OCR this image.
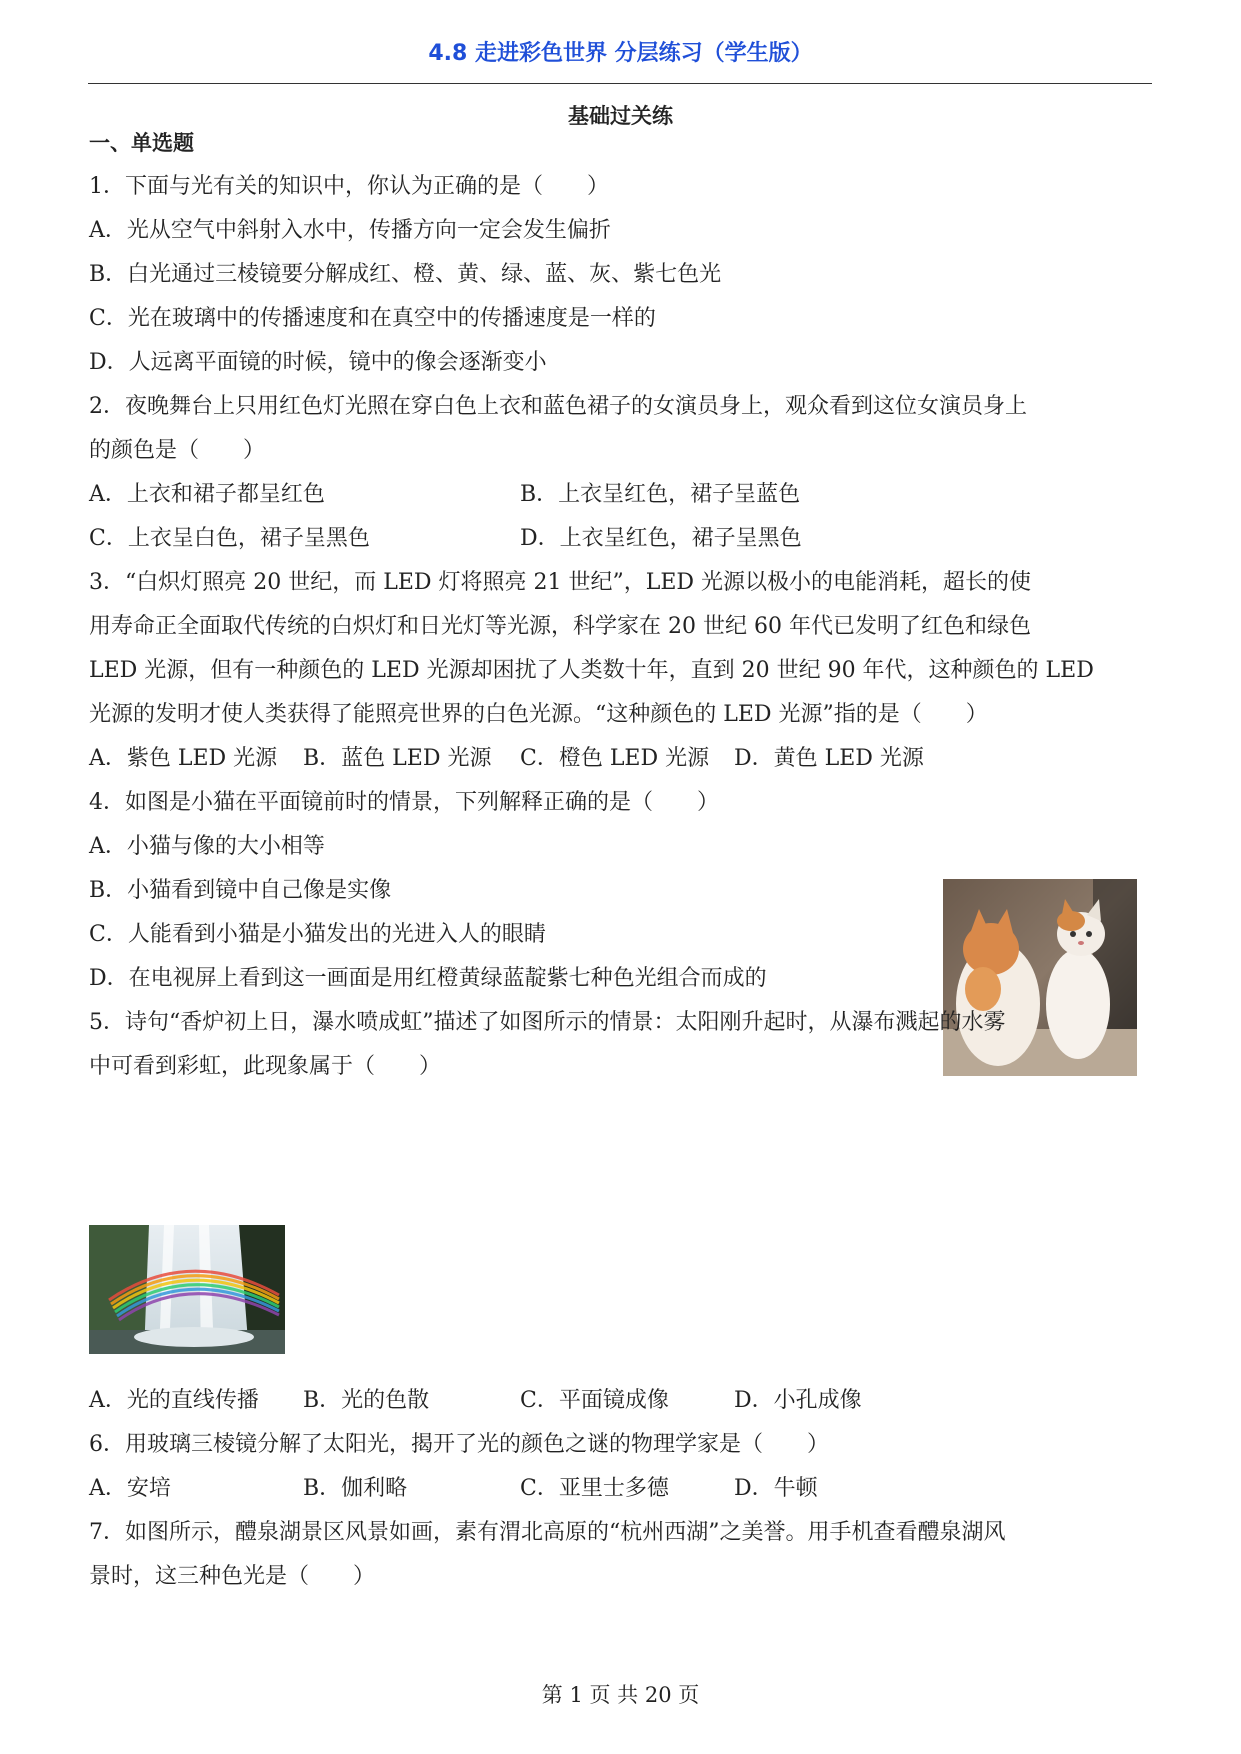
4.8 走进彩色世界 分层练习（学生版）
基础过关练
一、单选题
1．下面与光有关的知识中，你认为正确的是（　　）
A．光从空气中斜射入水中，传播方向一定会发生偏折
B．白光通过三棱镜要分解成红、橙、黄、绿、蓝、灰、紫七色光
C．光在玻璃中的传播速度和在真空中的传播速度是一样的
D．人远离平面镜的时候，镜中的像会逐渐变小
2．夜晚舞台上只用红色灯光照在穿白色上衣和蓝色裙子的女演员身上，观众看到这位女演员身上
的颜色是（　　）
A．上衣和裙子都呈红色	B．上衣呈红色，裙子呈蓝色
C．上衣呈白色，裙子呈黑色	D．上衣呈红色，裙子呈黑色
3．“白炽灯照亮 20 世纪，而 LED 灯将照亮 21 世纪”，LED 光源以极小的电能消耗，超长的使
用寿命正全面取代传统的白炽灯和日光灯等光源，科学家在 20 世纪 60 年代已发明了红色和绿色
LED 光源，但有一种颜色的 LED 光源却困扰了人类数十年，直到 20 世纪 90 年代，这种颜色的 LED
光源的发明才使人类获得了能照亮世界的白色光源。“这种颜色的 LED 光源”指的是（　　）
A．紫色 LED 光源 B．蓝色 LED 光源 C．橙色 LED 光源 D．黄色 LED 光源
4．如图是小猫在平面镜前时的情景，下列解释正确的是（　　）
A．小猫与像的大小相等
B．小猫看到镜中自己像是实像
C．人能看到小猫是小猫发出的光进入人的眼睛
D．在电视屏上看到这一画面是用红橙黄绿蓝靛紫七种色光组合而成的
5．诗句“香炉初上日，瀑水喷成虹”描述了如图所示的情景：太阳刚升起时，从瀑布溅起的水雾
中可看到彩虹，此现象属于（　　）
A．光的直线传播 B．光的色散	C．平面镜成像	D．小孔成像
6．用玻璃三棱镜分解了太阳光，揭开了光的颜色之谜的物理学家是（　　）
A．安培	B．伽利略	C．亚里士多德	D．牛顿
7．如图所示，醴泉湖景区风景如画，素有渭北高原的“杭州西湖”之美誉。用手机查看醴泉湖风
景时，这三种色光是（　　）
第 1 页 共 20 页
